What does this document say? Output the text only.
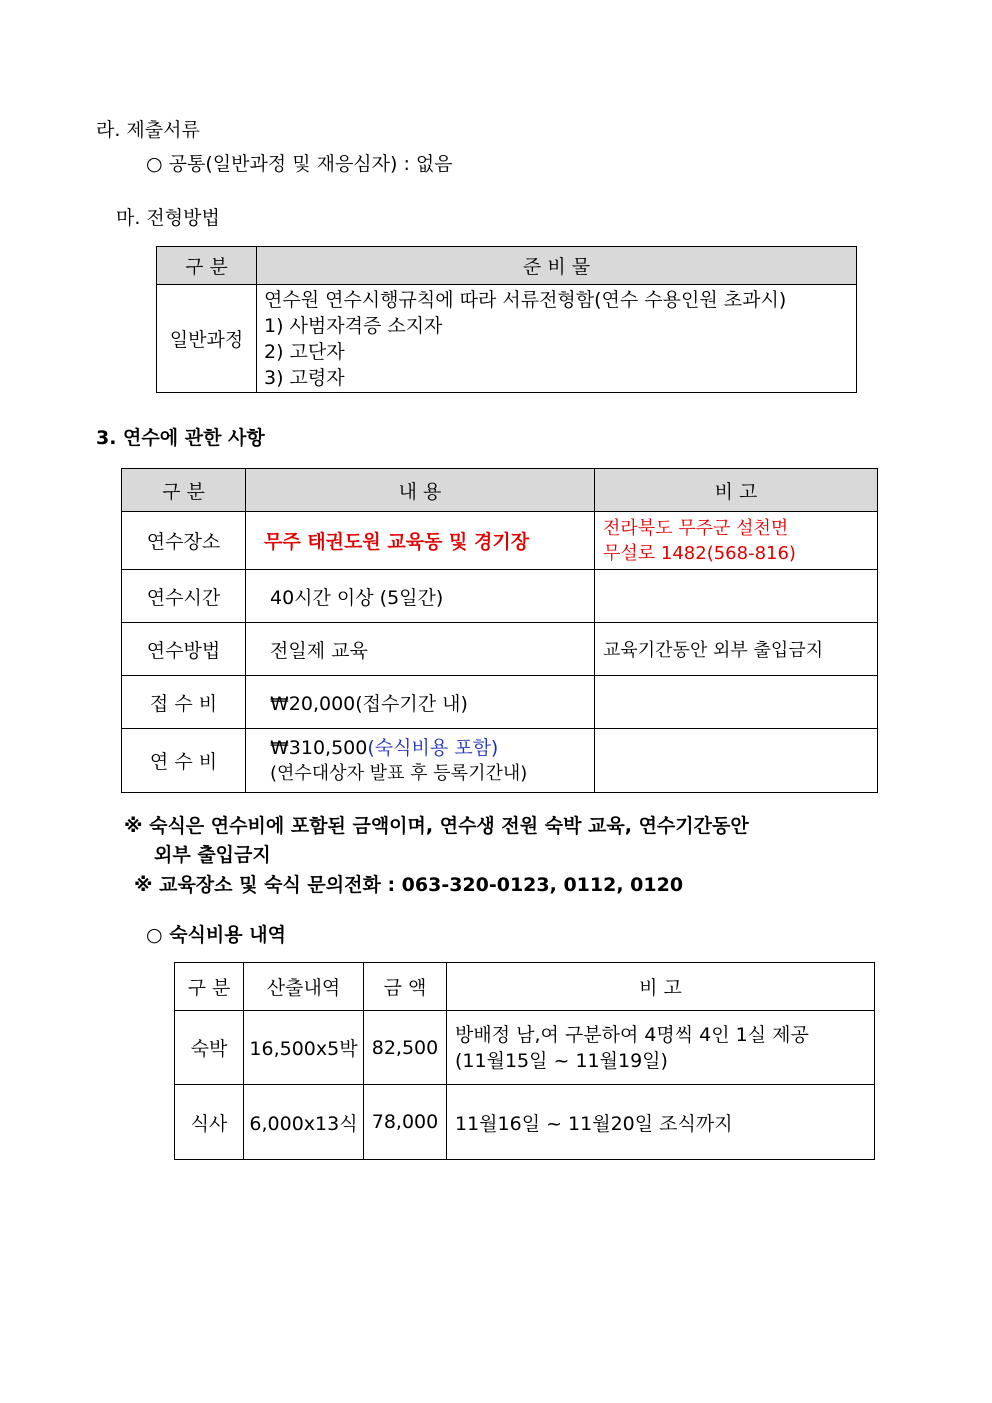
라. 제출서류
○ 공통(일반과정 및 재응심자) : 없음
마. 전형방법
구 분	준 비 물
일반과정	연수원 연수시행규칙에 따라 서류전형함(연수 수용인원 초과시)
1) 사범자격증 소지자
2) 고단자
3) 고령자
3. 연수에 관한 사항
구 분	내 용	비 고
연수장소	무주 태권도원 교육동 및 경기장	전라북도 무주군 설천면
무설로 1482(568-816)

연수시간	40시간 이상 (5일간)	
연수방법	전일제 교육	교육기간동안 외부 출입금지
접 수 비	₩20,000(접수기간 내)	
연 수 비	₩310,500(숙식비용 포함)
(연수대상자 발표 후 등록기간내)	

※ 숙식은 연수비에 포함된 금액이며, 연수생 전원 숙박 교육, 연수기간동안
외부 출입금지
※ 교육장소 및 숙식 문의전화 : 063-320-0123, 0112, 0120
○ 숙식비용 내역
구 분	산출내역	금 액	비 고
숙박	16,500x5박	82,500	방배정 남,여 구분하여 4명씩 4인 1실 제공
(11월15일 ~ 11월19일)

식사	6,000x13식	78,000	11월16일 ~ 11월20일 조식까지
